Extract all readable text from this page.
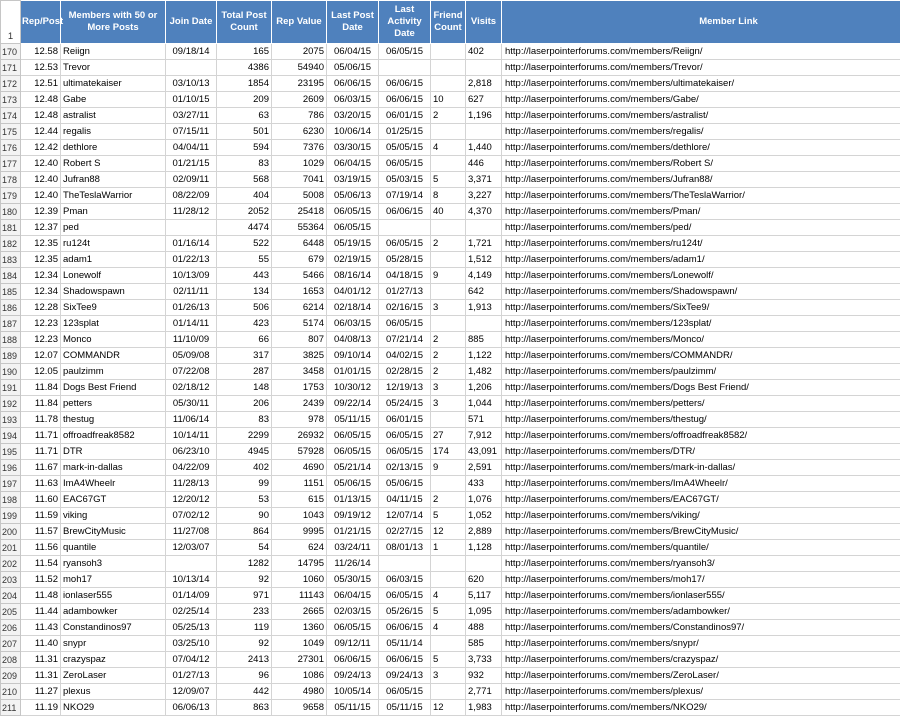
1	Rep/Post	Members with 50 or More Posts	Join Date	Total Post Count	Rep Value	Last Post Date	Last Activity Date	Friend Count	Visits	Member Link
170	12.58	Reiign	09/18/14	165	2075	06/04/15	06/05/15		402	http://laserpointerforums.com/members/Reiign/
171	12.53	Trevor		4386	54940	05/06/15				http://laserpointerforums.com/members/Trevor/
172	12.51	ultimatekaiser	03/10/13	1854	23195	06/06/15	06/06/15		2,818	http://laserpointerforums.com/members/ultimatekaiser/
173	12.48	Gabe	01/10/15	209	2609	06/03/15	06/06/15	10	627	http://laserpointerforums.com/members/Gabe/
174	12.48	astralist	03/27/11	63	786	03/20/15	06/01/15	2	1,196	http://laserpointerforums.com/members/astralist/
175	12.44	regalis	07/15/11	501	6230	10/06/14	01/25/15			http://laserpointerforums.com/members/regalis/
176	12.42	dethlore	04/04/11	594	7376	03/30/15	05/05/15	4	1,440	http://laserpointerforums.com/members/dethlore/
177	12.40	Robert S	01/21/15	83	1029	06/04/15	06/05/15		446	http://laserpointerforums.com/members/Robert S/
178	12.40	Jufran88	02/09/11	568	7041	03/19/15	05/03/15	5	3,371	http://laserpointerforums.com/members/Jufran88/
179	12.40	TheTeslaWarrior	08/22/09	404	5008	05/06/13	07/19/14	8	3,227	http://laserpointerforums.com/members/TheTeslaWarrior/
180	12.39	Pman	11/28/12	2052	25418	06/05/15	06/06/15	40	4,370	http://laserpointerforums.com/members/Pman/
181	12.37	ped		4474	55364	06/05/15				http://laserpointerforums.com/members/ped/
182	12.35	ru124t	01/16/14	522	6448	05/19/15	06/05/15	2	1,721	http://laserpointerforums.com/members/ru124t/
183	12.35	adam1	01/22/13	55	679	02/19/15	05/28/15		1,512	http://laserpointerforums.com/members/adam1/
184	12.34	Lonewolf	10/13/09	443	5466	08/16/14	04/18/15	9	4,149	http://laserpointerforums.com/members/Lonewolf/
185	12.34	Shadowspawn	02/11/11	134	1653	04/01/12	01/27/13		642	http://laserpointerforums.com/members/Shadowspawn/
186	12.28	SixTee9	01/26/13	506	6214	02/18/14	02/16/15	3	1,913	http://laserpointerforums.com/members/SixTee9/
187	12.23	123splat	01/14/11	423	5174	06/03/15	06/05/15			http://laserpointerforums.com/members/123splat/
188	12.23	Monco	11/10/09	66	807	04/08/13	07/21/14	2	885	http://laserpointerforums.com/members/Monco/
189	12.07	COMMANDR	05/09/08	317	3825	09/10/14	04/02/15	2	1,122	http://laserpointerforums.com/members/COMMANDR/
190	12.05	paulzimm	07/22/08	287	3458	01/01/15	02/28/15	2	1,482	http://laserpointerforums.com/members/paulzimm/
191	11.84	Dogs Best Friend	02/18/12	148	1753	10/30/12	12/19/13	3	1,206	http://laserpointerforums.com/members/Dogs Best Friend/
192	11.84	petters	05/30/11	206	2439	09/22/14	05/24/15	3	1,044	http://laserpointerforums.com/members/petters/
193	11.78	thestug	11/06/14	83	978	05/11/15	06/01/15		571	http://laserpointerforums.com/members/thestug/
194	11.71	offroadfreak8582	10/14/11	2299	26932	06/05/15	06/05/15	27	7,912	http://laserpointerforums.com/members/offroadfreak8582/
195	11.71	DTR	06/23/10	4945	57928	06/05/15	06/05/15	174	43,091	http://laserpointerforums.com/members/DTR/
196	11.67	mark-in-dallas	04/22/09	402	4690	05/21/14	02/13/15	9	2,591	http://laserpointerforums.com/members/mark-in-dallas/
197	11.63	ImA4Wheelr	11/28/13	99	1151	05/06/15	05/06/15		433	http://laserpointerforums.com/members/ImA4Wheelr/
198	11.60	EAC67GT	12/20/12	53	615	01/13/15	04/11/15	2	1,076	http://laserpointerforums.com/members/EAC67GT/
199	11.59	viking	07/02/12	90	1043	09/19/12	12/07/14	5	1,052	http://laserpointerforums.com/members/viking/
200	11.57	BrewCityMusic	11/27/08	864	9995	01/21/15	02/27/15	12	2,889	http://laserpointerforums.com/members/BrewCityMusic/
201	11.56	quantile	12/03/07	54	624	03/24/11	08/01/13	1	1,128	http://laserpointerforums.com/members/quantile/
202	11.54	ryansoh3		1282	14795	11/26/14				http://laserpointerforums.com/members/ryansoh3/
203	11.52	moh17	10/13/14	92	1060	05/30/15	06/03/15		620	http://laserpointerforums.com/members/moh17/
204	11.48	ionlaser555	01/14/09	971	11143	06/04/15	06/05/15	4	5,117	http://laserpointerforums.com/members/ionlaser555/
205	11.44	adambowker	02/25/14	233	2665	02/03/15	05/26/15	5	1,095	http://laserpointerforums.com/members/adambowker/
206	11.43	Constandinos97	05/25/13	119	1360	06/05/15	06/06/15	4	488	http://laserpointerforums.com/members/Constandinos97/
207	11.40	snypr	03/25/10	92	1049	09/12/11	05/11/14		585	http://laserpointerforums.com/members/snypr/
208	11.31	crazyspaz	07/04/12	2413	27301	06/06/15	06/06/15	5	3,733	http://laserpointerforums.com/members/crazyspaz/
209	11.31	ZeroLaser	01/27/13	96	1086	09/24/13	09/24/13	3	932	http://laserpointerforums.com/members/ZeroLaser/
210	11.27	plexus	12/09/07	442	4980	10/05/14	06/05/15		2,771	http://laserpointerforums.com/members/plexus/
211	11.19	NKO29	06/06/13	863	9658	05/11/15	05/11/15	12	1,983	http://laserpointerforums.com/members/NKO29/
